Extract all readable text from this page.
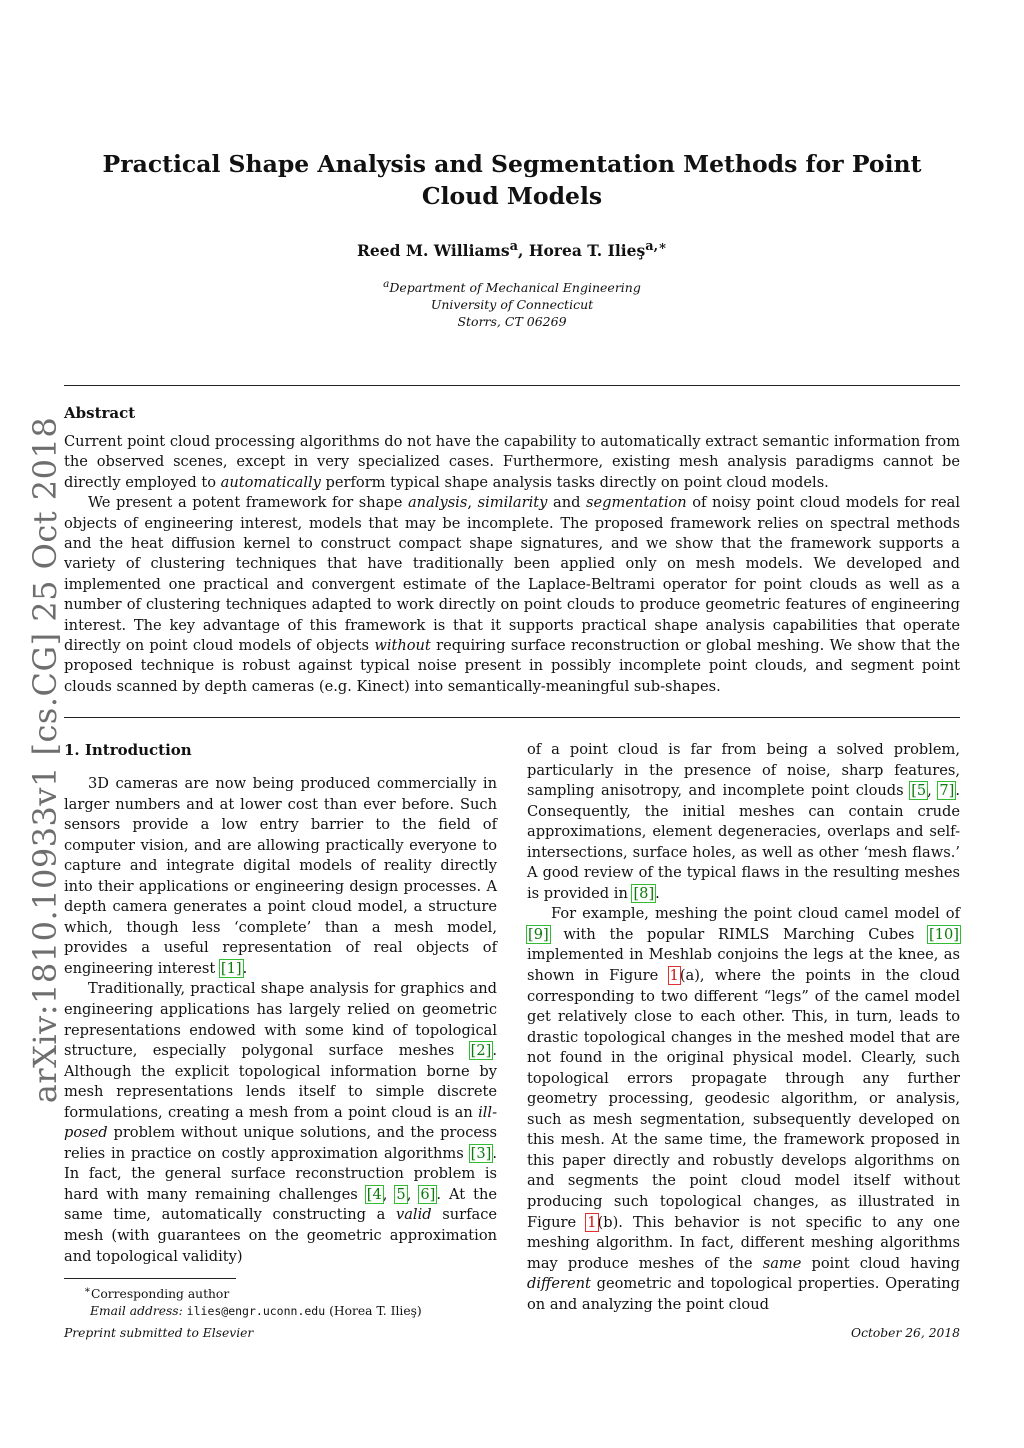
arXiv:1810.10933v1 [cs.CG] 25 Oct 2018
Practical Shape Analysis and Segmentation Methods for Point Cloud Models
Reed M. Williams$^a$, Horea T. Ilieş$^{a,∗}$
$^a$Department of Mechanical Engineering
University of Connecticut
Storrs, CT 06269
Abstract

Current point cloud processing algorithms do not have the capability to automatically extract semantic information from the observed scenes, except in very specialized cases. Furthermore, existing mesh analysis paradigms cannot be directly employed to automatically perform typical shape analysis tasks directly on point cloud models.

We present a potent framework for shape analysis, similarity and segmentation of noisy point cloud models for real objects of engineering interest, models that may be incomplete. The proposed framework relies on spectral methods and the heat diffusion kernel to construct compact shape signatures, and we show that the framework supports a variety of clustering techniques that have traditionally been applied only on mesh models. We developed and implemented one practical and convergent estimate of the Laplace-Beltrami operator for point clouds as well as a number of clustering techniques adapted to work directly on point clouds to produce geometric features of engineering interest. The key advantage of this framework is that it supports practical shape analysis capabilities that operate directly on point cloud models of objects without requiring surface reconstruction or global meshing. We show that the proposed technique is robust against typical noise present in possibly incomplete point clouds, and segment point clouds scanned by depth cameras (e.g. Kinect) into semantically-meaningful sub-shapes.

1. Introduction

3D cameras are now being produced commercially in larger numbers and at lower cost than ever before. Such sensors provide a low entry barrier to the field of computer vision, and are allowing practically everyone to capture and integrate digital models of reality directly into their applications or engineering design processes. A depth camera generates a point cloud model, a structure which, though less ‘complete’ than a mesh model, provides a useful representation of real objects of engineering interest [1].

Traditionally, practical shape analysis for graphics and engineering applications has largely relied on geometric representations endowed with some kind of topological structure, especially polygonal surface meshes [2]. Although the explicit topological information borne by mesh representations lends itself to simple discrete formulations, creating a mesh from a point cloud is an ill-posed problem without unique solutions, and the process relies in practice on costly approximation algorithms [3]. In fact, the general surface reconstruction problem is hard with many remaining challenges [4, 5, 6]. At the same time, automatically constructing a valid surface mesh (with guarantees on the geometric approximation and topological validity)

of a point cloud is far from being a solved problem, particularly in the presence of noise, sharp features, sampling anisotropy, and incomplete point clouds [5, 7]. Consequently, the initial meshes can contain crude approximations, element degeneracies, overlaps and self-intersections, surface holes, as well as other ‘mesh flaws.’ A good review of the typical flaws in the resulting meshes is provided in [8].

For example, meshing the point cloud camel model of [9] with the popular RIMLS Marching Cubes [10] implemented in Meshlab conjoins the legs at the knee, as shown in Figure 1(a), where the points in the cloud corresponding to two different “legs” of the camel model get relatively close to each other. This, in turn, leads to drastic topological changes in the meshed model that are not found in the original physical model. Clearly, such topological errors propagate through any further geometry processing, geodesic algorithm, or analysis, such as mesh segmentation, subsequently developed on this mesh. At the same time, the framework proposed in this paper directly and robustly develops algorithms on and segments the point cloud model itself without producing such topological changes, as illustrated in Figure 1(b). This behavior is not specific to any one meshing algorithm. In fact, different meshing algorithms may produce meshes of the same point cloud having different geometric and topological properties. Operating on and analyzing the point cloud

∗Corresponding author
Email address: ilies@engr.uconn.edu (Horea T. Ilieş)
Preprint submitted to Elsevier	October 26, 2018
